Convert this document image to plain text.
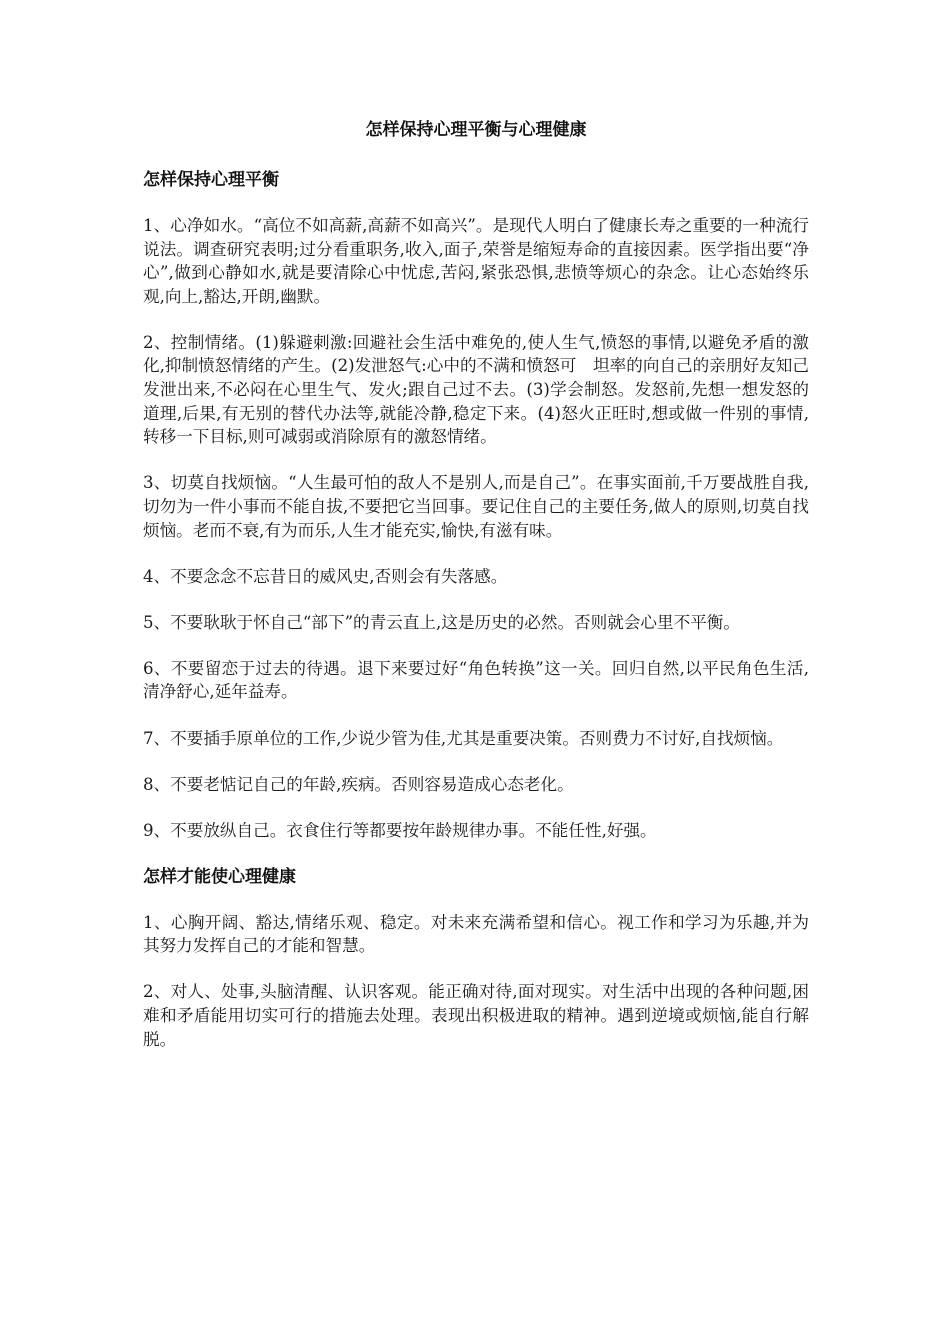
怎样保持心理平衡与心理健康
怎样保持心理平衡

1、心净如水。“高位不如高薪,高薪不如高兴”。是现代人明白了健康长寿之重要的一种流行说法。调查研究表明;过分看重职务,收入,面子,荣誉是缩短寿命的直接因素。医学指出要“净心”,做到心静如水,就是要清除心中忧虑,苦闷,紧张恐惧,悲愤等烦心的杂念。让心态始终乐观,向上,豁达,开朗,幽默。

2、控制情绪。(1)躲避刺激:回避社会生活中难免的,使人生气,愤怒的事情,以避免矛盾的激化,抑制愤怒情绪的产生。(2)发泄怒气:心中的不满和愤怒可　坦率的向自己的亲朋好友知己发泄出来,不必闷在心里生气、发火;跟自己过不去。(3)学会制怒。发怒前,先想一想发怒的道理,后果,有无别的替代办法等,就能冷静,稳定下来。(4)怒火正旺时,想或做一件别的事情,转移一下目标,则可减弱或消除原有的激怒情绪。

3、切莫自找烦恼。“人生最可怕的敌人不是别人,而是自己”。在事实面前,千万要战胜自我,切勿为一件小事而不能自拔,不要把它当回事。要记住自己的主要任务,做人的原则,切莫自找烦恼。老而不衰,有为而乐,人生才能充实,愉快,有滋有味。

4、不要念念不忘昔日的威风史,否则会有失落感。

5、不要耿耿于怀自己“部下”的青云直上,这是历史的必然。否则就会心里不平衡。

6、不要留恋于过去的待遇。退下来要过好“角色转换”这一关。回归自然,以平民角色生活,清净舒心,延年益寿。

7、不要插手原单位的工作,少说少管为佳,尤其是重要决策。否则费力不讨好,自找烦恼。

8、不要老惦记自己的年龄,疾病。否则容易造成心态老化。

9、不要放纵自己。衣食住行等都要按年龄规律办事。不能任性,好强。

怎样才能使心理健康

1、心胸开阔、豁达,情绪乐观、稳定。对未来充满希望和信心。视工作和学习为乐趣,并为其努力发挥自己的才能和智慧。

2、对人、处事,头脑清醒、认识客观。能正确对待,面对现实。对生活中出现的各种问题,困难和矛盾能用切实可行的措施去处理。表现出积极进取的精神。遇到逆境或烦恼,能自行解脱。
